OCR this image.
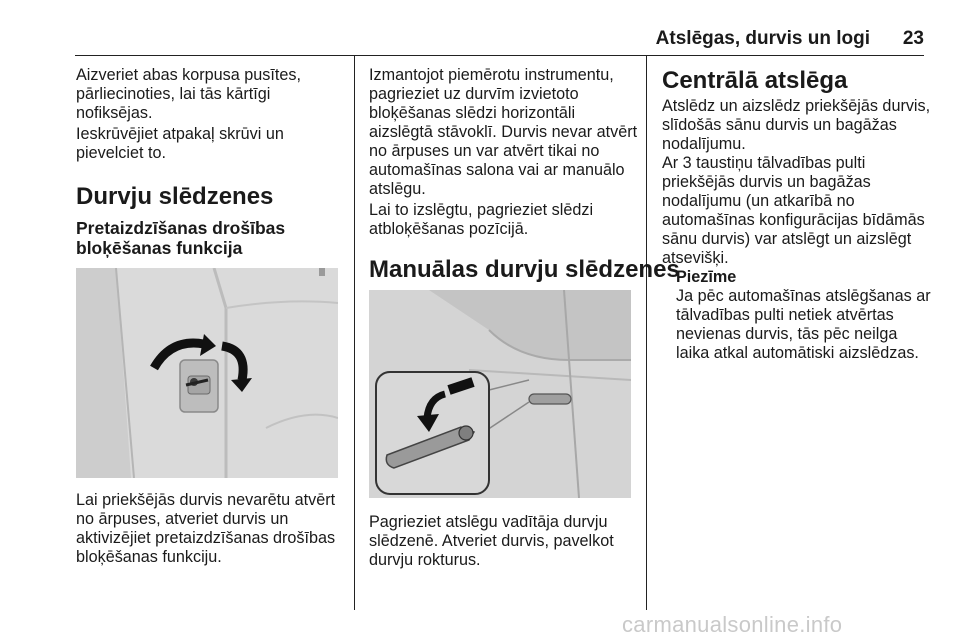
Atslēgas, durvis un logi 23

Aizveriet abas korpusa pusītes, pārliecinoties, lai tās kārtīgi nofiksējas.

Ieskrūvējiet atpakaļ skrūvi un pievelciet to.

Durvju slēdzenes
Pretaizdzīšanas drošības bloķēšanas funkcija

Lai priekšējās durvis nevarētu atvērt no ārpuses, atveriet durvis un aktivizējiet pretaizdzīšanas drošības bloķēšanas funkciju.

Izmantojot piemērotu instrumentu, pagrieziet uz durvīm izvietoto bloķēšanas slēdzi horizontāli aizslēgtā stāvoklī. Durvis nevar atvērt no ārpuses un var atvērt tikai no automašīnas salona vai ar manuālo atslēgu.

Lai to izslēgtu, pagrieziet slēdzi atbloķēšanas pozīcijā.

Manuālas durvju slēdzenes

Pagrieziet atslēgu vadītāja durvju slēdzenē. Atveriet durvis, pavelkot durvju rokturus.

Centrālā atslēga

Atslēdz un aizslēdz priekšējās durvis, slīdošās sānu durvis un bagāžas nodalījumu.

Ar 3 taustiņu tālvadības pulti priekšējās durvis un bagāžas nodalījumu (un atkarībā no automašīnas konfigurācijas bīdāmās sānu durvis) var atslēgt un aizslēgt atsevišķi.

Piezīme

Ja pēc automašīnas atslēgšanas ar tālvadības pulti netiek atvērtas nevienas durvis, tās pēc neilga laika atkal automātiski aizslēdzas.

carmanualsonline.info
